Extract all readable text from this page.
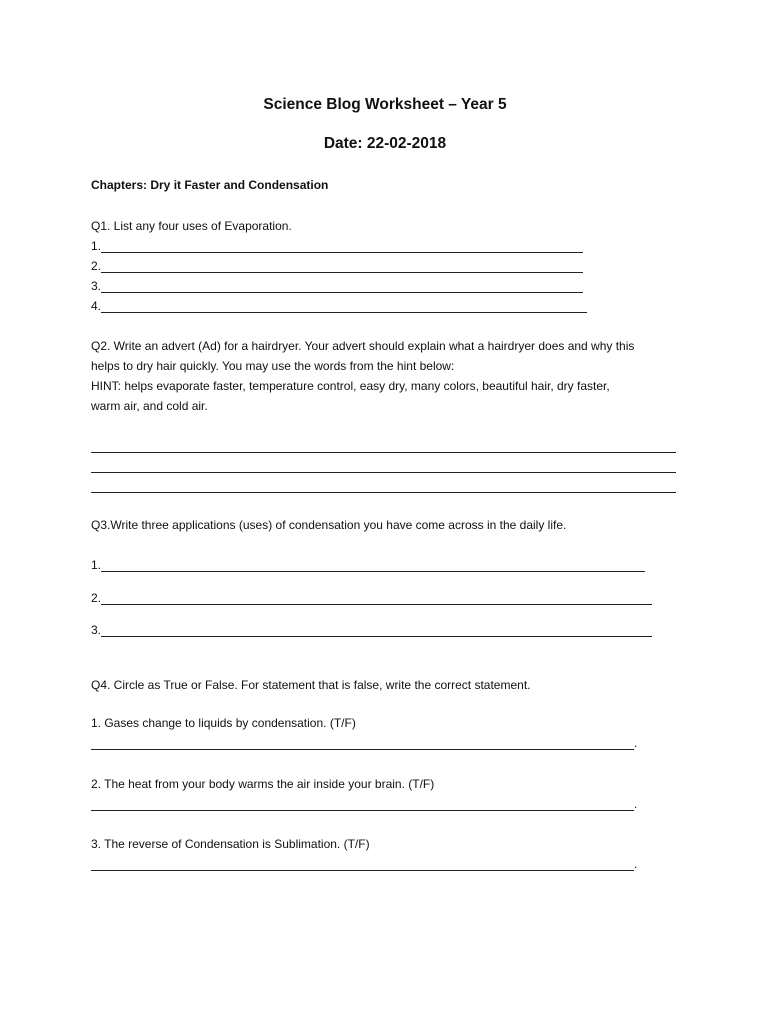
Science Blog Worksheet – Year 5
Date: 22-02-2018
Chapters: Dry it Faster and Condensation
Q1. List any four uses of Evaporation.
1.
2.
3.
4.
Q2. Write an advert (Ad) for a hairdryer. Your advert should explain what a hairdryer does and why this
helps to dry hair quickly. You may use the words from the hint below:
HINT: helps evaporate faster, temperature control, easy dry, many colors, beautiful hair, dry faster,
warm air, and cold air.
Q3.Write three applications (uses) of condensation you have come across in the daily life.
1.
2.
3.
Q4. Circle as True or False. For statement that is false, write the correct statement.
1. Gases change to liquids by condensation. (T/F)
.
2. The heat from your body warms the air inside your brain. (T/F)
.
3. The reverse of Condensation is Sublimation. (T/F)
.
